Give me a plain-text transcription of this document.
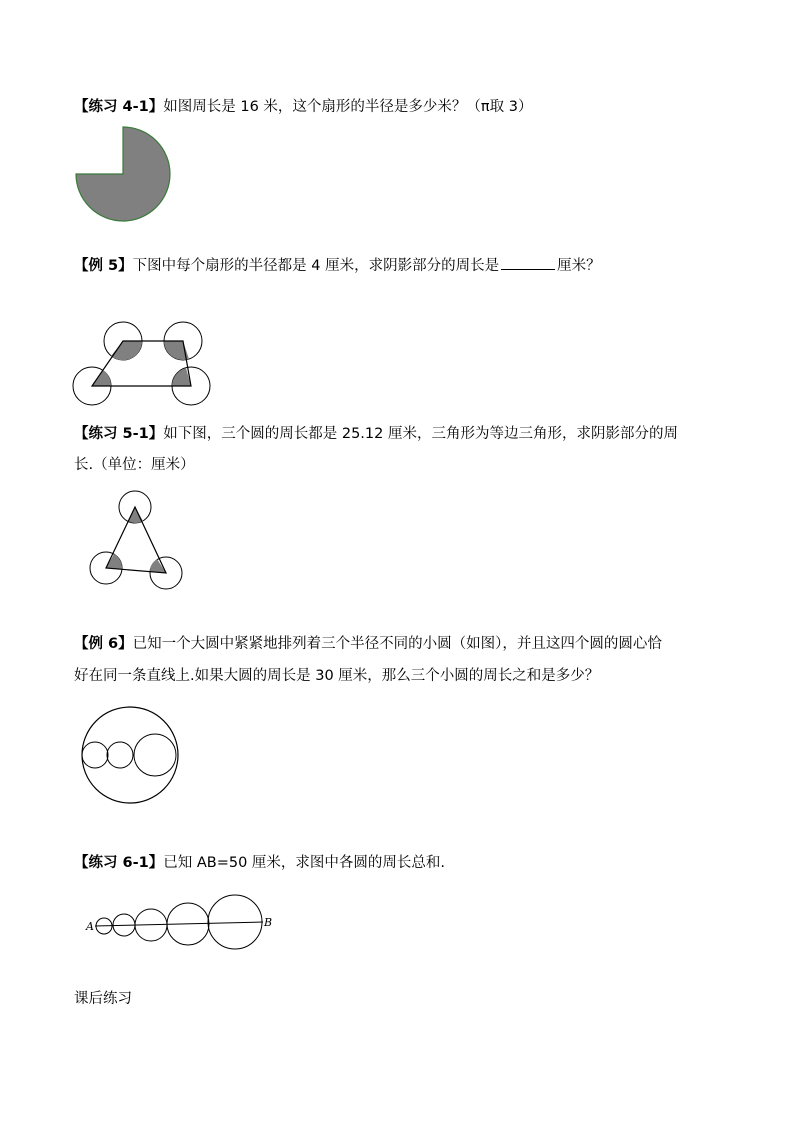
【练习 4-1】如图周长是 16 米，这个扇形的半径是多少米？（π取 3）
【例 5】下图中每个扇形的半径都是 4 厘米，求阴影部分的周长是	厘米？
【练习 5-1】如下图，三个圆的周长都是 25.12 厘米，三角形为等边三角形，求阴影部分的周
长.（单位：厘米）
【例 6】已知一个大圆中紧紧地排列着三个半径不同的小圆（如图），并且这四个圆的圆心恰
好在同一条直线上.如果大圆的周长是 30 厘米，那么三个小圆的周长之和是多少？
【练习 6-1】已知 AB=50 厘米，求图中各圆的周长总和.
A	B
课后练习
